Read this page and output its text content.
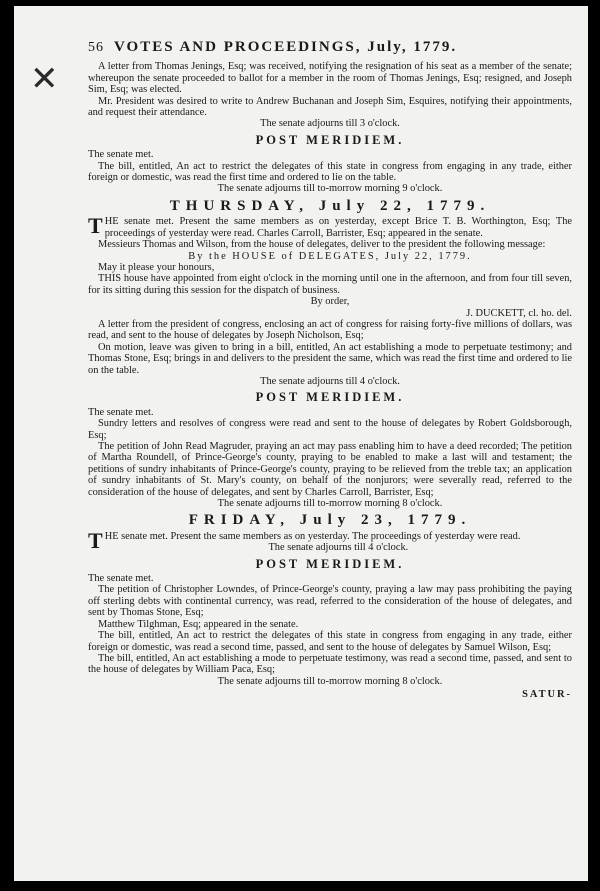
✕
56 VOTES AND PROCEEDINGS, July, 1779.

A letter from Thomas Jenings, Esq; was received, notifying the resignation of his seat as a member of the senate; whereupon the senate proceeded to ballot for a member in the room of Thomas Jenings, Esq; resigned, and Joseph Sim, Esq; was elected.

Mr. President was desired to write to Andrew Buchanan and Joseph Sim, Esquires, notifying their appointments, and request their attendance.

The senate adjourns till 3 o'clock.

POST MERIDIEM.

The senate met.

The bill, entitled, An act to restrict the delegates of this state in congress from engaging in any trade, either foreign or domestic, was read the first time and ordered to lie on the table.

The senate adjourns till to-morrow morning 9 o'clock.

THURSDAY, July 22, 1779.

THE senate met. Present the same members as on yesterday, except Brice T. B. Worthington, Esq; The proceedings of yesterday were read. Charles Carroll, Barrister, Esq; appeared in the senate.

Messieurs Thomas and Wilson, from the house of delegates, deliver to the president the following message:

By the HOUSE of DELEGATES, July 22, 1779.

May it please your honours,

THIS house have appointed from eight o'clock in the morning until one in the afternoon, and from four till seven, for its sitting during this session for the dispatch of business.

By order,

J. DUCKETT, cl. ho. del.

A letter from the president of congress, enclosing an act of congress for raising forty-five millions of dollars, was read, and sent to the house of delegates by Joseph Nicholson, Esq;

On motion, leave was given to bring in a bill, entitled, An act establishing a mode to perpetuate testimony; and Thomas Stone, Esq; brings in and delivers to the president the same, which was read the first time and ordered to lie on the table.

The senate adjourns till 4 o'clock.

POST MERIDIEM.

The senate met.

Sundry letters and resolves of congress were read and sent to the house of delegates by Robert Goldsborough, Esq;

The petition of John Read Magruder, praying an act may pass enabling him to have a deed recorded; The petition of Martha Roundell, of Prince-George's county, praying to be enabled to make a last will and testament; the petitions of sundry inhabitants of Prince-George's county, praying to be relieved from the treble tax; an application of sundry inhabitants of St. Mary's county, on behalf of the nonjurors; were severally read, referred to the consideration of the house of delegates, and sent by Charles Carroll, Barrister, Esq;

The senate adjourns till to-morrow morning 8 o'clock.

FRIDAY, July 23, 1779.

THE senate met. Present the same members as on yesterday. The proceedings of yesterday were read.

The senate adjourns till 4 o'clock.

POST MERIDIEM.

The senate met.

The petition of Christopher Lowndes, of Prince-George's county, praying a law may pass prohibiting the paying off sterling debts with continental currency, was read, referred to the consideration of the house of delegates, and sent by Thomas Stone, Esq;

Matthew Tilghman, Esq; appeared in the senate.

The bill, entitled, An act to restrict the delegates of this state in congress from engaging in any trade, either foreign or domestic, was read a second time, passed, and sent to the house of delegates by Samuel Wilson, Esq;

The bill, entitled, An act establishing a mode to perpetuate testimony, was read a second time, passed, and sent to the house of delegates by William Paca, Esq;

The senate adjourns till to-morrow morning 8 o'clock.

SATUR-
